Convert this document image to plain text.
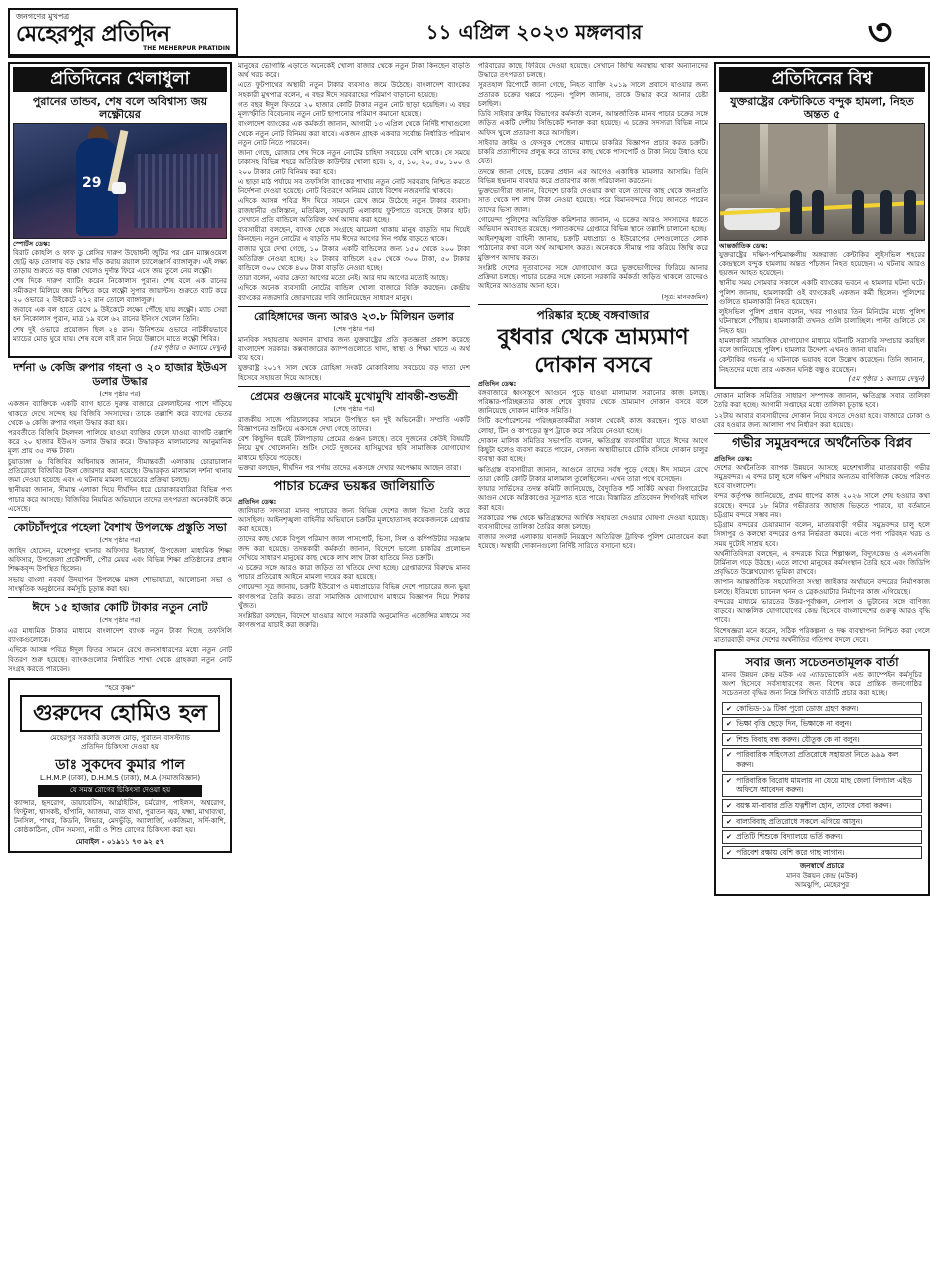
জনগণের মুখপত্র
মেহেরপুর প্রতিদিন
THE MEHERPUR PRATIDIN
১১ এপ্রিল ২০২৩ মঙ্গলবার	৩
প্রতিদিনের খেলাধুলা
পুরানের তান্ডব, শেষ বলে অবিশ্বাস্য জয় লক্ষ্ণৌয়ের
29
স্পোর্টস ডেস্ক:
বিরাট কোহলি ও ফাফ ডু প্লেসির দারুণ উদ্বোধনী জুটির পর গ্লেন ম্যাক্সওয়েল ছোট্ট ঝড় তোলায় বড় স্কোর দাঁড় করায় রয়্যাল চ্যালেঞ্জার্স ব্যাঙ্গালুরু। এই লক্ষ্য তাড়ায় শুরুতে বড় ধাক্কা খেলেও দুর্দান্ত ফিরে এসে জয় তুলে নেয় লক্ষ্ণৌ।
শেষ দিকে দারুণ ব্যাটিং করেন নিকোলাস পুরান। শেষ বলে এক রানের সমীকরণ মিলিয়ে জয় নিশ্চিত করে লক্ষ্ণৌ সুপার জায়ান্টস। শুরুতে ব্যাট করে ২০ ওভারে ২ উইকেটে ২১২ রান তোলে ব্যাঙ্গালুরু।
জবাবে এক বল হাতে রেখে ৯ উইকেটে লক্ষ্যে পৌঁছে যায় লক্ষ্ণৌ। ম্যাচ সেরা হন নিকোলাস পুরান, মাত্র ১৯ বলে ৬২ রানের ইনিংস খেলেন তিনি।
শেষ দুই ওভারে প্রয়োজন ছিল ২৪ রান। উনিশতম ওভারে নাটকীয়ভাবে ম্যাচের মোড় ঘুরে যায়। শেষ বলে বাই রান নিয়ে উল্লাসে মাতে লক্ষ্ণৌ শিবির।
(৫ম পৃষ্ঠার ৩ কলামে দেখুন)
দর্শনা ৬ কেজি রুপার গহনা ও ২০ হাজার ইউএস ডলার উদ্ধার
(শেষ পৃষ্ঠার পর)
একজন ব্যাক্তিকে একটি ব্যাগ হাতে দুরুন্ত বাজারে রেললাইনের পাশে দাঁড়িয়ে থাকতে দেখে সন্দেহ হয় বিজিবি সদস্যদের। তাকে তল্লাশি করে ব্যাগের ভেতর থেকে ৬ কেজি রুপার গহনা উদ্ধার করা হয়।
পরবর্তীতে বিজিবি টহলদল পালিয়ে যাওয়া ব্যাক্তির ফেলে যাওয়া ব্যাগটি তল্লাশি করে ২০ হাজার ইউএস ডলার উদ্ধার করে। উদ্ধারকৃত মালামালের আনুমানিক মূল্য প্রায় ৩৫ লক্ষ টাকা।
চুয়াডাঙ্গা ৬ বিজিবির অধিনায়ক জানান, সীমান্তবর্তী এলাকায় চোরাচালান প্রতিরোধে বিজিবির টহল জোরদার করা হয়েছে। উদ্ধারকৃত মালামাল দর্শনা থানায় জমা দেওয়া হয়েছে এবং এ ঘটনায় মামলা দায়েরের প্রক্রিয়া চলছে।
স্থানীয়রা জানান, সীমান্ত এলাকা দিয়ে দীর্ঘদিন ধরে চোরাকারবারিরা বিভিন্ন পণ্য পাচার করে আসছে। বিজিবির নিয়মিত অভিযানে তাদের তৎপরতা অনেকটাই কমে এসেছে।
কোটচাঁদপুরে পহেলা বৈশাখ উপলক্ষে প্রস্তুতি সভা
(শেষ পৃষ্ঠার পর)
জাহিদ হোসেন, মহেশপুর থানার অফিসার ইনচার্জ, উপজেলা মাধ্যমিক শিক্ষা অফিসার, উপজেলা প্রকৌশলী, পৌর মেয়র এবং বিভিন্ন শিক্ষা প্রতিষ্ঠানের প্রধান শিক্ষকবৃন্দ উপস্থিত ছিলেন।
সভায় বাংলা নববর্ষ উদযাপন উপলক্ষে মঙ্গল শোভাযাত্রা, আলোচনা সভা ও সাংস্কৃতিক অনুষ্ঠানের কর্মসূচি চূড়ান্ত করা হয়।
ঈদে ১৫ হাজার কোটি টাকার নতুন নোট
(শেষ পৃষ্ঠার পর)
এর মাধ্যমিক টাকার মাধ্যমে বাংলাদেশ ব্যাংক নতুন টাকা দিচ্ছে তফসিলি ব্যাংকগুলোকে।
এদিকে আসন্ন পবিত্র ঈদুল ফিতর সামনে রেখে জনসাধারণের মধ্যে নতুন নোট বিতরণ শুরু হয়েছে। ব্যাংকগুলোর নির্ধারিত শাখা থেকে গ্রাহকরা নতুন নোট সংগ্রহ করতে পারবেন।
"হরে কৃষ্ণ"
গুরুদেব হোমিও হল
মেহেরপুর সরকারি কলেজ মোড়, পুরাতন বাসস্ট্যান্ড
প্রতিদিন চিকিৎসা দেওয়া হয়
ডাঃ সুকদেব কুমার পাল
L.H.M.P (ঢাকা), D.H.M.S (ঢাকা), M.A (সমাজবিজ্ঞান)
যে সমস্ত রোগের চিকিৎসা দেওয়া হয়
ক্যান্সার, হৃদরোগ, ডায়াবেটিস, আর্থ্রাইটিস, চর্মরোগ, পাইলস, অশ্বরোগ, ফিস্টুলা, শ্বাসকষ্ট, হাঁপানি, অ্যাজমা, বাত ব্যথা, পুরাতন জ্বর, যক্ষ্মা, মাথাব্যথা, টনসিল, পাথর, কিডনি, লিভার, মেদভুঁড়ি, অ্যালার্জি, একজিমা, সর্দি-কাশি, কোষ্ঠকাঠিন্য, যৌন সমস্যা, নারী ও শিশু রোগের চিকিৎসা করা হয়।
মোবাইল - ০১৯১১ ৭৩ ৯২ ৫৭
মানুষের ভোগান্তি এড়াতে অনেকেই খোলা বাজার থেকে নতুন টাকা কিনছেন বাড়তি অর্থ খরচ করে।
এতে ফুটপাথের অস্থায়ী নতুন টাকার ব্যবসাও জমে উঠেছে। বাংলাদেশ ব্যাংকের সহকারী মুখপাত্র বলেন, এ বছর ঈদে সরবরাহের পরিমাণ বাড়ানো হয়েছে।
গত বছর ঈদুল ফিতরে ২০ হাজার কোটি টাকার নতুন নোট ছাড়া হয়েছিল। এ বছর মূল্যস্ফীতি বিবেচনায় নতুন নোট ছাপানোর পরিমাণ কমানো হয়েছে।
বাংলাদেশ ব্যাংকের এক কর্মকর্তা জানান, আগামী ১৩ এপ্রিল থেকে নির্দিষ্ট শাখাগুলো থেকে নতুন নোট বিনিময় করা যাবে। একজন গ্রাহক একবার সর্বোচ্চ নির্ধারিত পরিমাণ নতুন নোট নিতে পারবেন।
জানা গেছে, রোজার শেষ দিকে নতুন নোটের চাহিদা সবচেয়ে বেশি থাকে। সে সময়ে ঢাকাসহ বিভিন্ন শহরে অতিরিক্ত কাউন্টার খোলা হবে। ২, ৫, ১০, ২০, ৫০, ১০০ ও ২০০ টাকার নোট বিনিময় করা হবে।
এ ছাড়া মাঠ পর্যায়ে সব তফসিলি ব্যাংকের শাখায় নতুন নোট সরবরাহ নিশ্চিত করতে নির্দেশনা দেওয়া হয়েছে। নোট বিতরণে অনিয়ম রোধে বিশেষ নজরদারি থাকবে।
এদিকে আসন্ন পবিত্র ঈদ ঘিরে সামনে রেখে জমে উঠেছে নতুন টাকার ব্যবসা। রাজধানীর গুলিস্তান, মতিঝিল, সদরঘাট এলাকায় ফুটপাতে বসেছে টাকার হাট। সেখানে প্রতি বান্ডিলে অতিরিক্ত অর্থ আদায় করা হচ্ছে।
ব্যবসায়ীরা বলছেন, ব্যাংক থেকে সংগ্রহে ঝামেলা থাকায় মানুষ বাড়তি দাম দিয়েই কিনছেন। নতুন নোটের এ বাড়তি দাম ঈদের আগের দিন পর্যন্ত বাড়তে থাকে।
বাজার ঘুরে দেখা গেছে, ১০ টাকার একটি বান্ডিলের জন্য ১৫০ থেকে ২০০ টাকা অতিরিক্ত নেওয়া হচ্ছে। ২০ টাকার বান্ডিলে ২৫০ থেকে ৩০০ টাকা, ৫০ টাকার বান্ডিলে ৩০০ থেকে ৪০০ টাকা বাড়তি নেওয়া হচ্ছে।
তারা বলেন, এবার ক্রেতা আগের মতো নেই। আর দাম আগের মতোই আছে।
এদিকে অনেক ব্যবসায়ী নোটের বান্ডিল খোলা বাজারে বিক্রি করছেন। কেন্দ্রীয় ব্যাংকের নজরদারি জোরদারের দাবি জানিয়েছেন সাধারণ মানুষ।
রোহিঙ্গাদের জন্য আরও ২৩.৮ মিলিয়ন ডলার
(শেষ পৃষ্ঠার পর)
মানবিক সহায়তায় অবদান রাখার জন্য যুক্তরাষ্ট্রের প্রতি কৃতজ্ঞতা প্রকাশ করেছে বাংলাদেশ সরকার। কক্সবাজারের ক্যাম্পগুলোতে খাদ্য, স্বাস্থ্য ও শিক্ষা খাতে এ অর্থ ব্যয় হবে।
যুক্তরাষ্ট্র ২০১৭ সাল থেকে রোহিঙ্গা সংকট মোকাবিলায় সবচেয়ে বড় দাতা দেশ হিসেবে সহায়তা দিয়ে আসছে।
প্রেমের গুঞ্জনের মাঝেই মুখোমুখি শ্রাবন্তী-শুভশ্রী
(শেষ পৃষ্ঠার পর)
রাজকীয় সাজে পরিচালকের সামনে উপস্থিত হন দুই অভিনেত্রী। সম্প্রতি একটি বিজ্ঞাপনের শুটিংয়ে একসঙ্গে দেখা গেছে তাদের।
বেশ কিছুদিন ধরেই টলিপাড়ায় প্রেমের গুঞ্জন চলছে। তবে দুজনের কেউই বিষয়টি নিয়ে মুখ খোলেননি। শুটিং সেটে দুজনের হাসিমুখের ছবি সামাজিক যোগাযোগ মাধ্যমে ছড়িয়ে পড়েছে।
ভক্তরা বলছেন, দীর্ঘদিন পর পর্দায় তাদের একসঙ্গে দেখার অপেক্ষায় আছেন তারা।
পাচার চক্রের ভয়ঙ্কর জালিয়াতি
প্রতিদিন ডেস্ক:
জালিয়াত সদস্যরা মানব পাচারের জন্য বিভিন্ন দেশের জাল ভিসা তৈরি করে আসছিল। আইনশৃঙ্খলা বাহিনীর অভিযানে চক্রটির মূলহোতাসহ কয়েকজনকে গ্রেপ্তার করা হয়েছে।
তাদের কাছ থেকে বিপুল পরিমাণ জাল পাসপোর্ট, ভিসা, সিল ও কম্পিউটার সরঞ্জাম জব্দ করা হয়েছে। তদন্তকারী কর্মকর্তা জানান, বিদেশে ভালো চাকরির প্রলোভন দেখিয়ে সাধারণ মানুষের কাছ থেকে লাখ লাখ টাকা হাতিয়ে নিত চক্রটি।
এ চক্রের সঙ্গে আরও কারা জড়িত তা খতিয়ে দেখা হচ্ছে। গ্রেপ্তারদের বিরুদ্ধে মানব পাচার প্রতিরোধ আইনে মামলা দায়ের করা হয়েছে।
গোয়েন্দা সূত্র জানায়, চক্রটি ইউরোপ ও মধ্যপ্রাচ্যের বিভিন্ন দেশে পাচারের জন্য ভুয়া কাগজপত্র তৈরি করত। তারা সামাজিক যোগাযোগ মাধ্যমে বিজ্ঞাপন দিয়ে শিকার খুঁজত।
সংশ্লিষ্টরা বলছেন, বিদেশে যাওয়ার আগে সরকারি অনুমোদিত এজেন্সির মাধ্যমে সব কাগজপত্র যাচাই করা জরুরি।
পরিবারের কাছে ফিরিয়ে দেওয়া হয়েছে। সেখানে জিম্মি অবস্থায় থাকা অন্যান্যদের উদ্ধারে তৎপরতা চলছে।
সুরতহাল রিপোর্টে জানা গেছে, নিহত ব্যাক্তি ২০১৯ সালে প্রবাসে যাওয়ার জন্য প্রতারক চক্রের খপ্পরে পড়েন। পুলিশ জানায়, তাকে উদ্ধার করে আনার চেষ্টা চলছিল।
ডিবি সাইবার ক্রাইম বিভাগের কর্মকর্তা বলেন, আন্তর্জাতিক মানব পাচার চক্রের সঙ্গে জড়িত একটি দেশীয় সিন্ডিকেট শনাক্ত করা হয়েছে। এ চক্রের সদস্যরা বিভিন্ন নামে অফিস খুলে প্রতারণা করে আসছিল।
সাইবার ক্রাইম ও ফেসবুক পেজের মাধ্যমে চাকরির বিজ্ঞাপন প্রচার করত চক্রটি। চাকরি প্রত্যাশীদের প্রলুব্ধ করে তাদের কাছ থেকে পাসপোর্ট ও টাকা নিয়ে উধাও হয়ে যেত।
তদন্তে জানা গেছে, চক্রের প্রধান এর আগেও একাধিক মামলার আসামি। তিনি বিভিন্ন ছদ্মনাম ব্যবহার করে প্রতারণার কাজ পরিচালনা করতেন।
ভুক্তভোগীরা জানান, বিদেশে চাকরি দেওয়ার কথা বলে তাদের কাছ থেকে জনপ্রতি সাত থেকে দশ লাখ টাকা নেওয়া হয়েছে। পরে বিমানবন্দরে গিয়ে জানতে পারেন তাদের ভিসা জাল।
গোয়েন্দা পুলিশের অতিরিক্ত কমিশনার জানান, এ চক্রের আরও সদস্যদের ধরতে অভিযান অব্যাহত রয়েছে। পলাতকদের গ্রেপ্তারে বিভিন্ন স্থানে তল্লাশি চালানো হচ্ছে।
আইনশৃঙ্খলা বাহিনী জানায়, চক্রটি মধ্যপ্রাচ্য ও ইউরোপের দেশগুলোতে লোক পাঠানোর কথা বলে অর্থ আত্মসাৎ করত। অনেককে সীমান্ত পার করিয়ে জিম্মি করে মুক্তিপণ আদায় করত।
সংশ্লিষ্ট দেশের দূতাবাসের সঙ্গে যোগাযোগ করে ভুক্তভোগীদের ফিরিয়ে আনার প্রক্রিয়া চলছে। পাচার চক্রের সঙ্গে কোনো সরকারি কর্মকর্তা জড়িত থাকলে তাদেরও আইনের আওতায় আনা হবে।
(সূত্র: মানবজমিন)
পরিষ্কার হচ্ছে বঙ্গবাজার
বুধবার থেকে ভ্রাম্যমাণ দোকান বসবে
প্রতিদিন ডেস্ক:
বঙ্গবাজারে ধ্বংসস্তূপে আগুনে পুড়ে যাওয়া মালামাল সরানোর কাজ চলছে। পরিষ্কার-পরিচ্ছন্নতার কাজ শেষে বুধবার থেকে ভ্রাম্যমাণ দোকান বসবে বলে জানিয়েছে দোকান মালিক সমিতি।
সিটি কর্পোরেশনের পরিচ্ছন্নতাকর্মীরা সকাল থেকেই কাজ করছেন। পুড়ে যাওয়া লোহা, টিন ও কাপড়ের স্তূপ ট্রাকে করে সরিয়ে নেওয়া হচ্ছে।
দোকান মালিক সমিতির সভাপতি বলেন, ক্ষতিগ্রস্ত ব্যবসায়ীরা যাতে ঈদের আগে কিছুটা হলেও ব্যবসা করতে পারেন, সেজন্য অস্থায়ীভাবে চৌকি বসিয়ে দোকান চালুর ব্যবস্থা করা হচ্ছে।
ক্ষতিগ্রস্ত ব্যবসায়ীরা জানান, আগুনে তাদের সর্বস্ব পুড়ে গেছে। ঈদ সামনে রেখে তারা কোটি কোটি টাকার মালামাল তুলেছিলেন। এখন তারা পথে বসেছেন।
ফায়ার সার্ভিসের তদন্ত কমিটি জানিয়েছে, বৈদ্যুতিক শর্ট সার্কিট অথবা সিগারেটের আগুন থেকে অগ্নিকাণ্ডের সূত্রপাত হতে পারে। বিস্তারিত প্রতিবেদন শিগগিরই দাখিল করা হবে।
সরকারের পক্ষ থেকে ক্ষতিগ্রস্তদের আর্থিক সহায়তা দেওয়ার ঘোষণা দেওয়া হয়েছে। ব্যবসায়ীদের তালিকা তৈরির কাজ চলছে।
বাজার সংলগ্ন এলাকায় যানজট নিয়ন্ত্রণে অতিরিক্ত ট্রাফিক পুলিশ মোতায়েন করা হয়েছে। অস্থায়ী দোকানগুলো নির্দিষ্ট সারিতে বসানো হবে।
প্রতিদিনের বিশ্ব
যুক্তরাষ্ট্রের কেন্টাকিতে বন্দুক হামলা, নিহত অন্তত ৫
আন্তর্জাতিক ডেস্ক:
যুক্তরাষ্ট্রের দক্ষিণ-পশ্চিমাঞ্চলীয় অঙ্গরাজ্য কেন্টাকির লুইসভিল শহরের কেন্দ্রস্থলে বন্দুক হামলায় অন্তত পাঁচজন নিহত হয়েছেন। এ ঘটনায় আরও ছয়জন আহত হয়েছেন।
স্থানীয় সময় সোমবার সকালে একটি ব্যাংকের ভবনে এ হামলার ঘটনা ঘটে। পুলিশ জানায়, হামলাকারী ওই ব্যাংকেরই একজন কর্মী ছিলেন। পুলিশের গুলিতে হামলাকারী নিহত হয়েছেন।
লুইসভিল পুলিশ প্রধান বলেন, খবর পাওয়ার তিন মিনিটের মধ্যে পুলিশ ঘটনাস্থলে পৌঁছায়। হামলাকারী তখনও গুলি চালাচ্ছিল। পাল্টা গুলিতে সে নিহত হয়।
হামলাকারী সামাজিক যোগাযোগ মাধ্যমে ঘটনাটি সরাসরি সম্প্রচার করছিল বলে জানিয়েছে পুলিশ। হামলার উদ্দেশ্য এখনও জানা যায়নি।
কেন্টাকির গভর্নর এ ঘটনাকে ভয়াবহ বলে উল্লেখ করেছেন। তিনি জানান, নিহতদের মধ্যে তার একজন ঘনিষ্ঠ বন্ধুও রয়েছেন।
(৫ম পৃষ্ঠার ১ কলামে দেখুন)
দোকান মালিক সমিতির সাধারণ সম্পাদক জানান, ক্ষতিগ্রস্ত সবার তালিকা তৈরি করা হচ্ছে। আগামী সপ্তাহের মধ্যে তালিকা চূড়ান্ত হবে।
১২টায় আবার ব্যবসায়ীদের দোকান নিয়ে বসতে দেওয়া হবে। বাজারে ঢোকা ও বের হওয়ার জন্য আলাদা পথ নির্ধারণ করা হয়েছে।
গভীর সমুদ্রবন্দরে অর্থনৈতিক বিপ্লব
প্রতিদিন ডেস্ক:
দেশের অর্থনৈতিক ব্যাপক উন্নয়নে আসছে মহেশখালীর মাতারবাড়ী গভীর সমুদ্রবন্দর। এ বন্দর চালু হলে দক্ষিণ এশিয়ার অন্যতম বাণিজ্যিক কেন্দ্রে পরিণত হবে বাংলাদেশ।
বন্দর কর্তৃপক্ষ জানিয়েছে, প্রথম ধাপের কাজ ২০২৬ সালে শেষ হওয়ার কথা রয়েছে। বন্দরে ১৮ মিটার গভীরতার জাহাজ ভিড়তে পারবে, যা বর্তমানে চট্টগ্রাম বন্দরে সম্ভব নয়।
চট্টগ্রাম বন্দরের চেয়ারম্যান বলেন, মাতারবাড়ী গভীর সমুদ্রবন্দর চালু হলে সিঙ্গাপুর ও কলম্বো বন্দরের ওপর নির্ভরতা কমবে। এতে পণ্য পরিবহন খরচ ও সময় দুটোই সাশ্রয় হবে।
অর্থনীতিবিদরা বলছেন, এ বন্দরকে ঘিরে শিল্পাঞ্চল, বিদ্যুৎকেন্দ্র ও এলএনজি টার্মিনাল গড়ে উঠছে। এতে লাখো মানুষের কর্মসংস্থান তৈরি হবে এবং জিডিপি প্রবৃদ্ধিতে উল্লেখযোগ্য ভূমিকা রাখবে।
জাপান আন্তর্জাতিক সহযোগিতা সংস্থা জাইকার অর্থায়নে বন্দরের নির্মাণকাজ চলছে। ইতিমধ্যে চ্যানেল খনন ও ব্রেকওয়াটার নির্মাণের কাজ এগিয়েছে।
বন্দরের মাধ্যমে ভারতের উত্তর-পূর্বাঞ্চল, নেপাল ও ভুটানের সঙ্গে বাণিজ্য বাড়বে। আঞ্চলিক যোগাযোগের কেন্দ্র হিসেবে বাংলাদেশের গুরুত্ব আরও বৃদ্ধি পাবে।
বিশেষজ্ঞরা মনে করেন, সঠিক পরিকল্পনা ও দক্ষ ব্যবস্থাপনা নিশ্চিত করা গেলে মাতারবাড়ী বন্দর দেশের অর্থনীতির গতিপথ বদলে দেবে।
সবার জন্য সচেতনতামূলক বার্তা
মানব উন্নয়ন কেন্দ্র মউক এর এ্যাডভোকেসি এন্ড ক্যাম্পেইন কর্মসূচির অংশ হিসেবে সর্বসাধারণের জন্য বিশেষ করে প্রান্তিক জনগোষ্ঠির সচেতনতা বৃদ্ধির জন্য নিম্নে লিখিত বার্তাটি প্রচার করা হচ্ছে।
✔ কোভিড-১৯ টিকা পুরো ডোজ গ্রহণ করুন।
✔ ভিক্ষা বৃত্তি ছেড়ে দিন, ভিক্ষাকে না বলুন।
✔ শিশু বিবাহ বন্ধ করুন। যৌতুক কে না বলুন।
✔ পারিবারিক সহিংসতা প্রতিরোধে সহায়তা নিতে ৯৯৯ কল করুন।
✔ পারিবারিক বিরোধ মামলায় না যেয়ে মাছ জেলা লিগ্যাল এইড অফিসে আবেদন করুন।
✔ বয়স্ক মা-বাবার প্রতি যত্নশীল হোন, তাদের সেবা করুন।
✔ বাল্যবিবাহ প্রতিরোধে সকলে এগিয়ে আসুন।
✔ প্রতিটি শিশুকে বিদ্যালয়ে ভর্তি করুন।
✔ পরিবেশ রক্ষায় বেশি করে গাছ লাগান।
জনস্বার্থে প্রচারে
মানব উন্নয়ন কেন্দ্র (মউক)
আমঝুপি, মেহেরপুর
